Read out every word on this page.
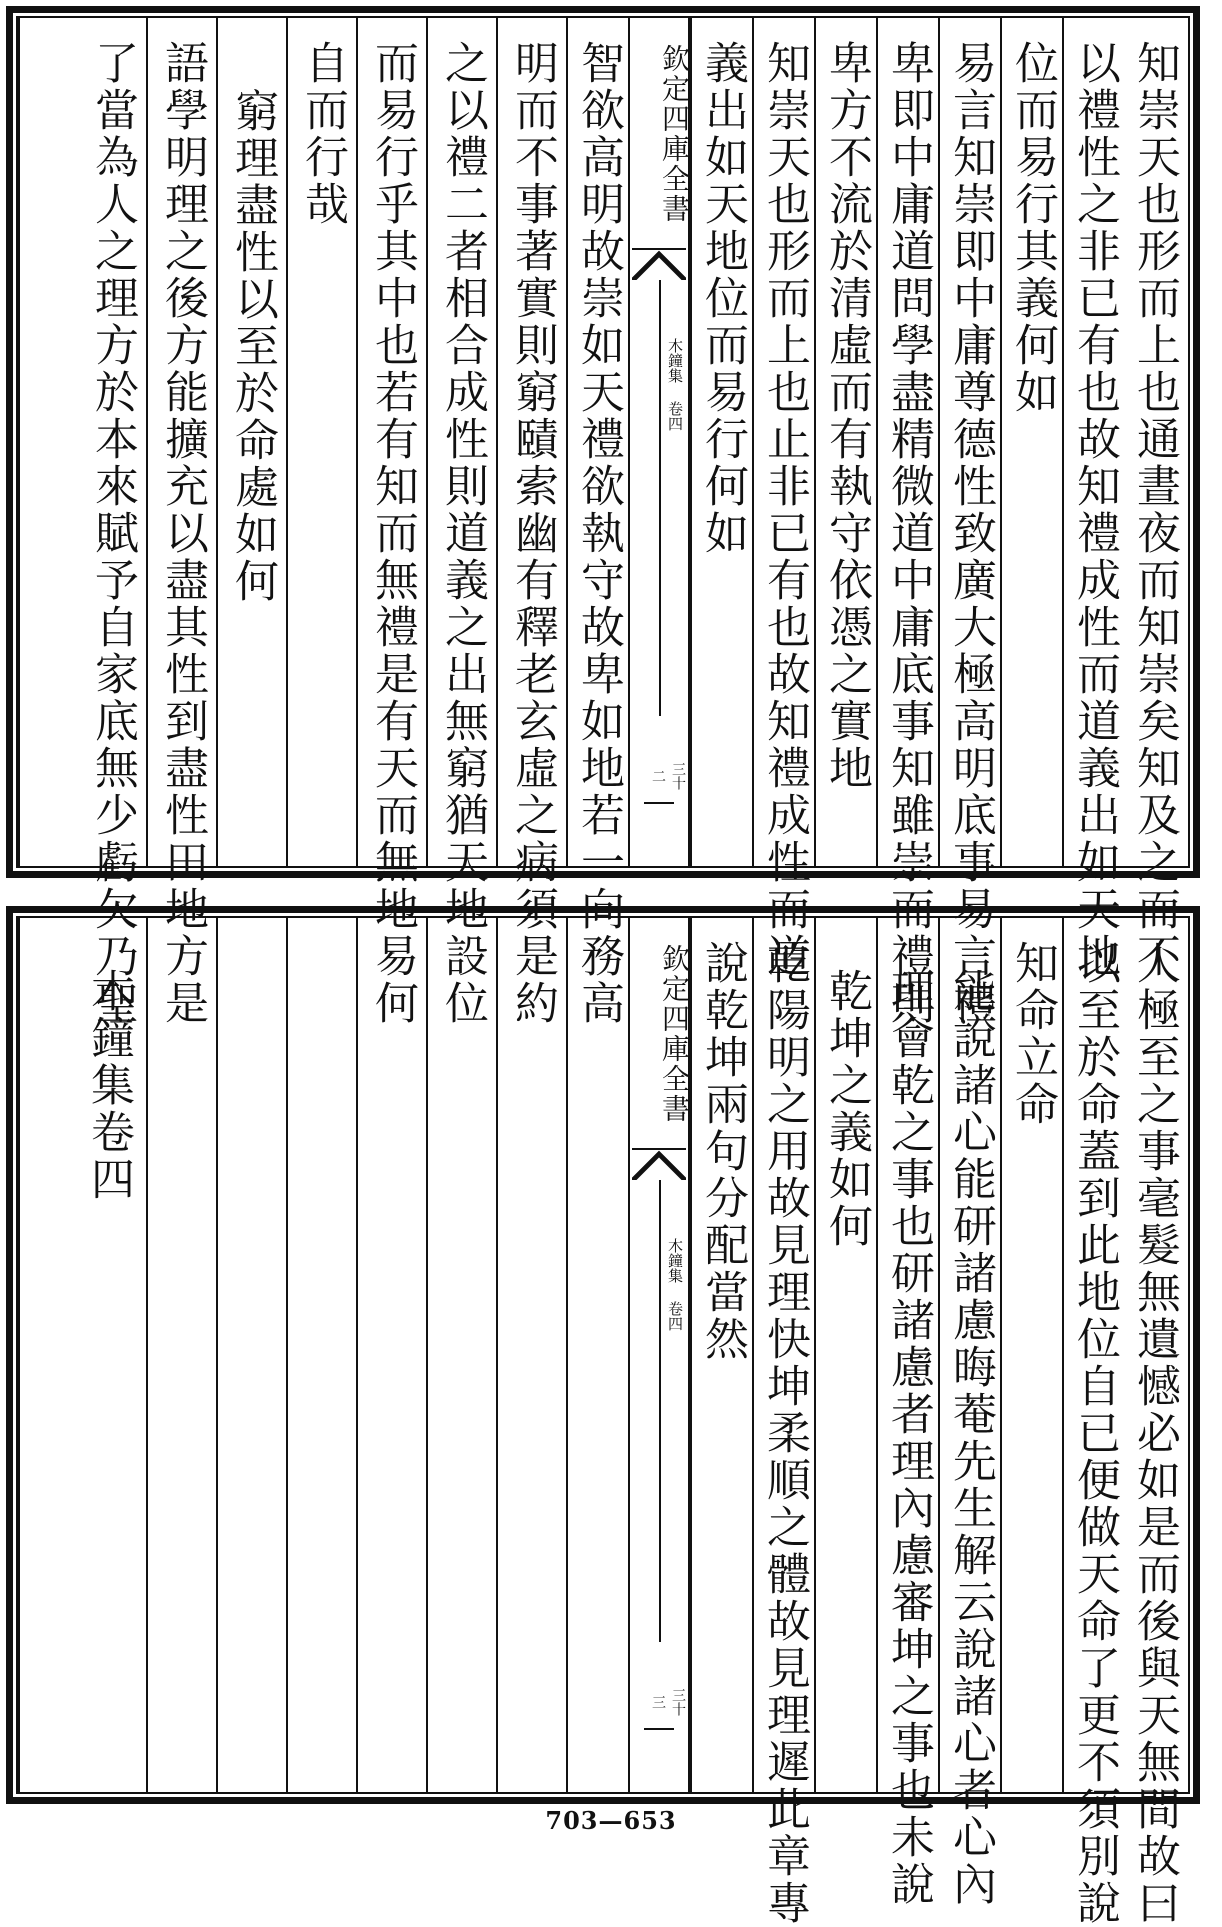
知崇天也形而上也通晝夜而知崇矣知及之而不
以禮性之非已有也故知禮成性而道義出如天地
位而易行其義何如
易言知崇即中庸尊德性致廣大極高明底事易言禮
卑即中庸道問學盡精微道中庸底事知雖崇而禮則
卑方不流於清虛而有執守依憑之實地
知崇天也形而上也止非已有也故知禮成性而道
義出如天地位而易行何如
欽定四庫全書
木鐘集 卷四
三十二
智欲高明故崇如天禮欲執守故卑如地若一向務高
明而不事著實則窮賾索幽有釋老玄虛之病須是約
之以禮二者相合成性則道義之出無窮猶天地設位
而易行乎其中也若有知而無禮是有天而無地易何
自而行哉
窮理盡性以至於命處如何
語學明理之後方能擴充以盡其性到盡性田地方是
了當為人之理方於本來賦予自家底無少虧欠乃聖
人極至之事毫髮無遺憾必如是而後與天無間故曰
以至於命蓋到此地位自已便做天命了更不須別說
知命立命
能說諸心能研諸慮晦菴先生解云說諸心者心內
理會乾之事也研諸慮者理內慮審坤之事也未說
乾坤之義如何
乾陽明之用故見理快坤柔順之體故見理遲此章專
說乾坤兩句分配當然
欽定四庫全書
木鐘集 卷四
三十三
木鐘集卷四
703—653
